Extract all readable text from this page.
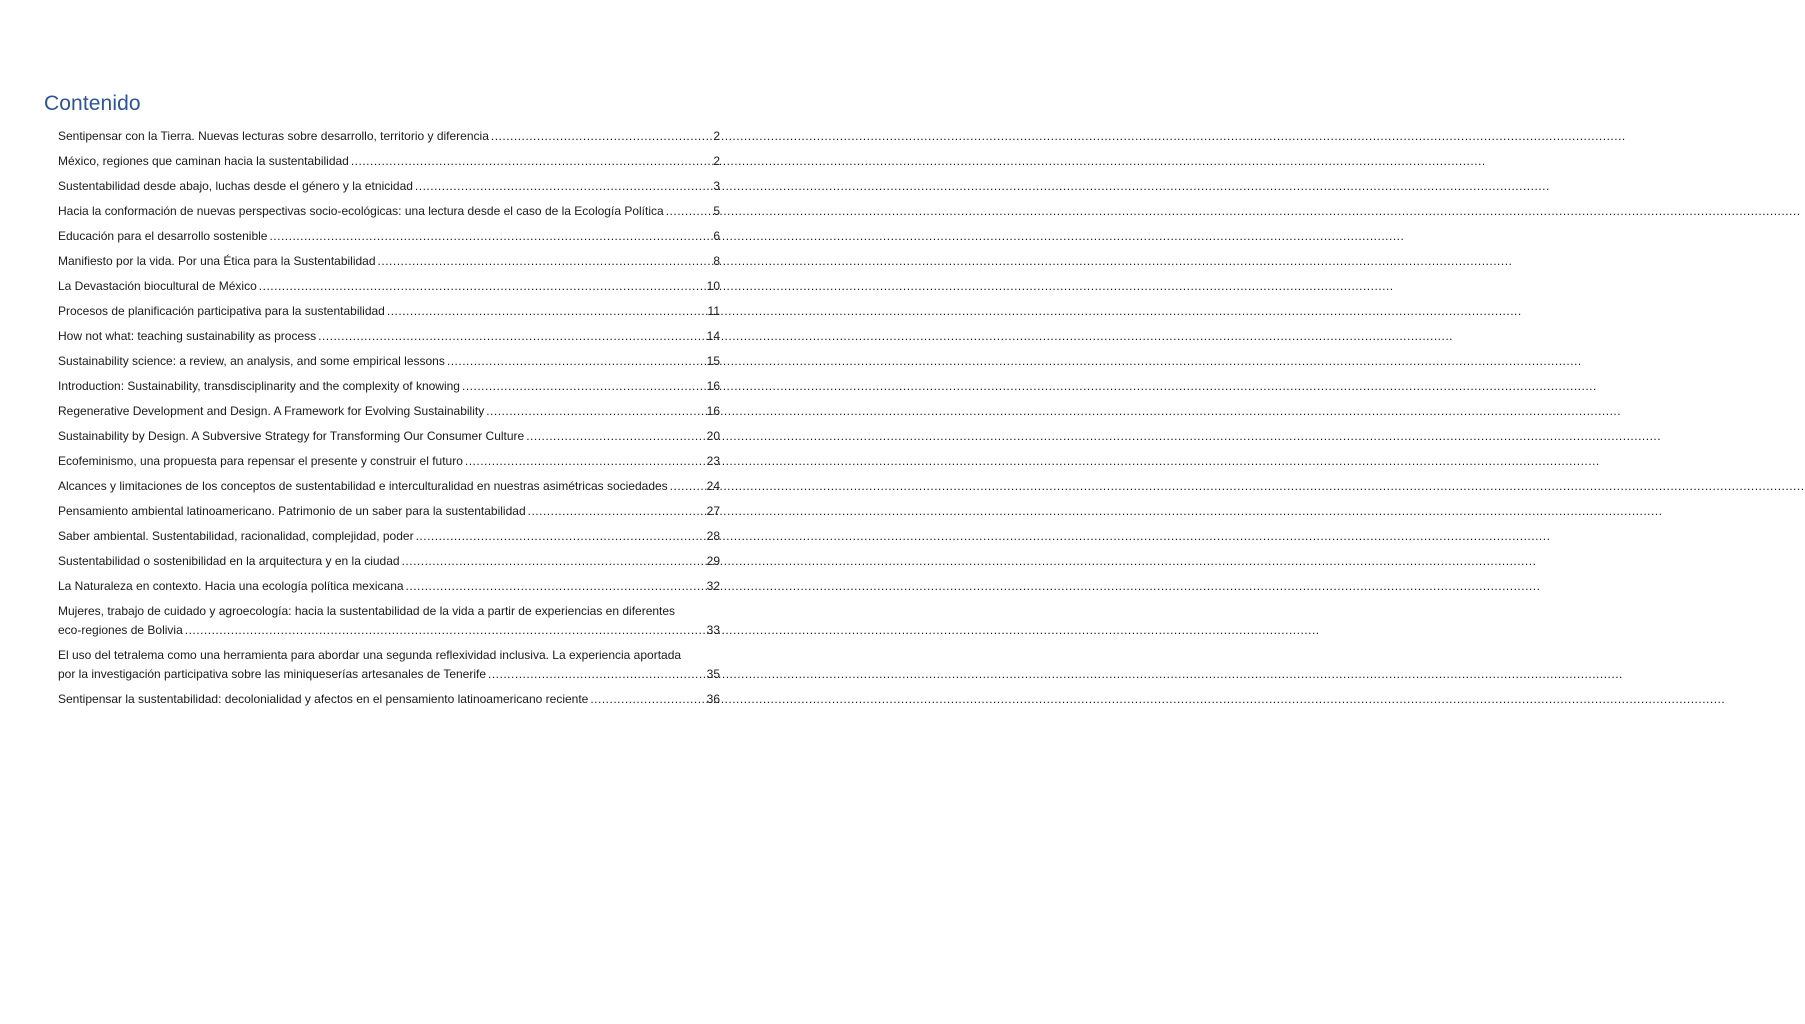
Contenido
Sentipensar con la Tierra. Nuevas lecturas sobre desarrollo, territorio y diferencia .....	2
México, regiones que caminan hacia la sustentabilidad .....	2
Sustentabilidad desde abajo, luchas desde el género y la etnicidad .....	3
Hacia la conformación de nuevas perspectivas socio-ecológicas: una lectura desde el caso de la Ecología Política .....	5
Educación para el desarrollo sostenible .....	6
Manifiesto por la vida. Por una Ética para la Sustentabilidad .....	8
La Devastación biocultural de México .....	10
Procesos de planificación participativa para la sustentabilidad .....	11
How not what: teaching sustainability as process .....	14
Sustainability science: a review, an analysis, and some empirical lessons .....	15
Introduction: Sustainability, transdisciplinarity and the complexity of knowing .....	16
Regenerative Development and Design. A Framework for Evolving Sustainability .....	16
Sustainability by Design. A Subversive Strategy for Transforming Our Consumer Culture .....	20
Ecofeminismo, una propuesta para repensar el presente y construir el futuro .....	23
Alcances y limitaciones de los conceptos de sustentabilidad e interculturalidad en nuestras asimétricas sociedades .....	24
Pensamiento ambiental latinoamericano. Patrimonio de un saber para la sustentabilidad .....	27
Saber ambiental. Sustentabilidad, racionalidad, complejidad, poder .....	28
Sustentabilidad o sostenibilidad en la arquitectura y en la ciudad .....	29
La Naturaleza en contexto. Hacia una ecología política mexicana .....	32
Mujeres, trabajo de cuidado y agroecología: hacia la sustentabilidad de la vida a partir de experiencias en diferentes
eco-regiones de Bolivia .....	33
El uso del tetralema como una herramienta para abordar una segunda reflexividad inclusiva. La experiencia aportada
por la investigación participativa sobre las miniqueserías artesanales de Tenerife .....	35
Sentipensar la sustentabilidad: decolonialidad y afectos en el pensamiento latinoamericano reciente .....	36
